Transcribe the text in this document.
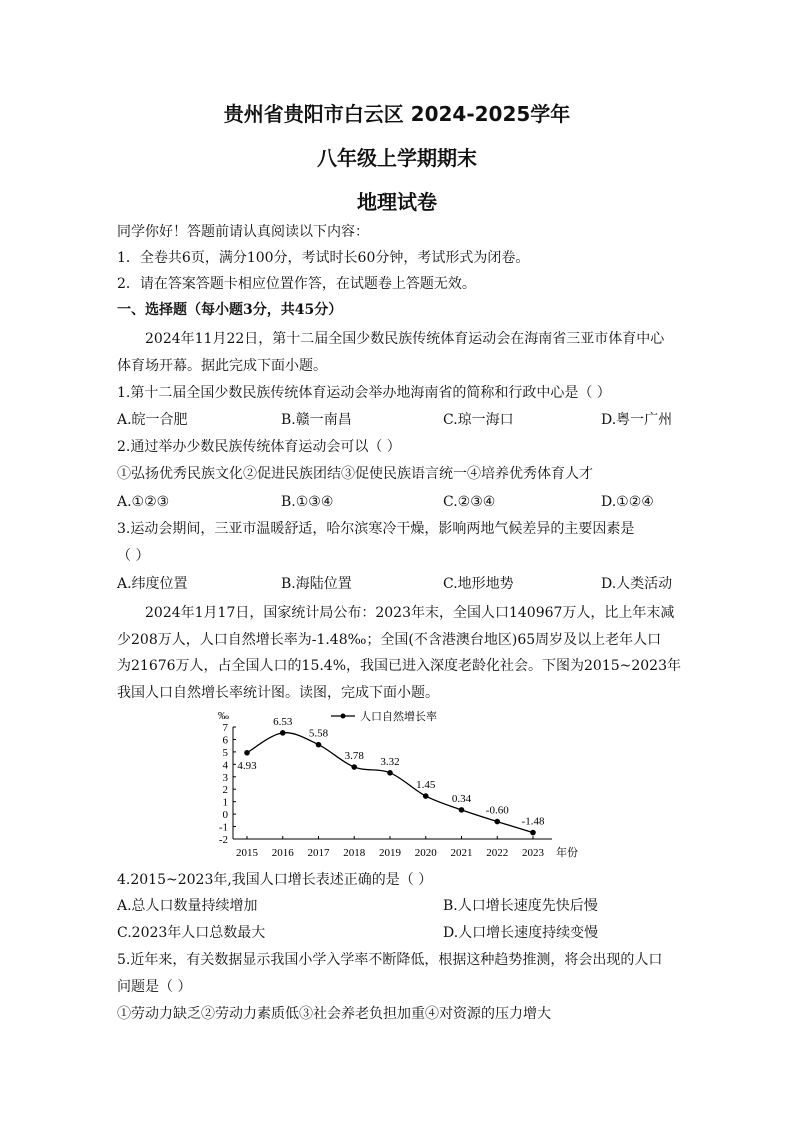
贵州省贵阳市白云区 2024-2025学年
八年级上学期期末
地理试卷
同学你好！答题前请认真阅读以下内容：
1．全卷共6页，满分100分，考试时长60分钟，考试形式为闭卷。
2．请在答案答题卡相应位置作答，在试题卷上答题无效。
一、选择题（每小题3分，共45分）
2024年11月22日，第十二届全国少数民族传统体育运动会在海南省三亚市体育中心
体育场开幕。据此完成下面小题。
1.第十二届全国少数民族传统体育运动会举办地海南省的简称和行政中心是（ ）
A.皖一合肥	B.赣一南昌	C.琼一海口	D.粤一广州
2.通过举办少数民族传统体育运动会可以（ ）
①弘扬优秀民族文化②促进民族团结③促使民族语言统一④培养优秀体育人才
A.①②③	B.①③④	C.②③④	D.①②④
3.运动会期间，三亚市温暖舒适，哈尔滨寒冷干燥，影响两地气候差异的主要因素是
（ ）
A.纬度位置	B.海陆位置	C.地形地势	D.人类活动
2024年1月17日，国家统计局公布：2023年末，全国人口140967万人，比上年末减
少208万人，人口自然增长率为-1.48‰；全国(不含港澳台地区)65周岁及以上老年人口
为21676万人，占全国人口的15.4%，我国已进入深度老龄化社会。下图为2015~2023年
我国人口自然增长率统计图。读图，完成下面小题。
7
6
5
4
3
2
1
0
-1
-2
2015 2016 2017 2018 2019 2020 2021 2022 2023
4.93
6.53
5.58
3.78 3.32
1.45
0.34
-0.60
-1.48
‰
年份
人口自然增长率
4.2015~2023年,我国人口增长表述正确的是（ ）
A.总人口数量持续增加	B.人口增长速度先快后慢
C.2023年人口总数最大	D.人口增长速度持续变慢
5.近年来，有关数据显示我国小学入学率不断降低，根据这种趋势推测，将会出现的人口
问题是（ ）
①劳动力缺乏②劳动力素质低③社会养老负担加重④对资源的压力增大
